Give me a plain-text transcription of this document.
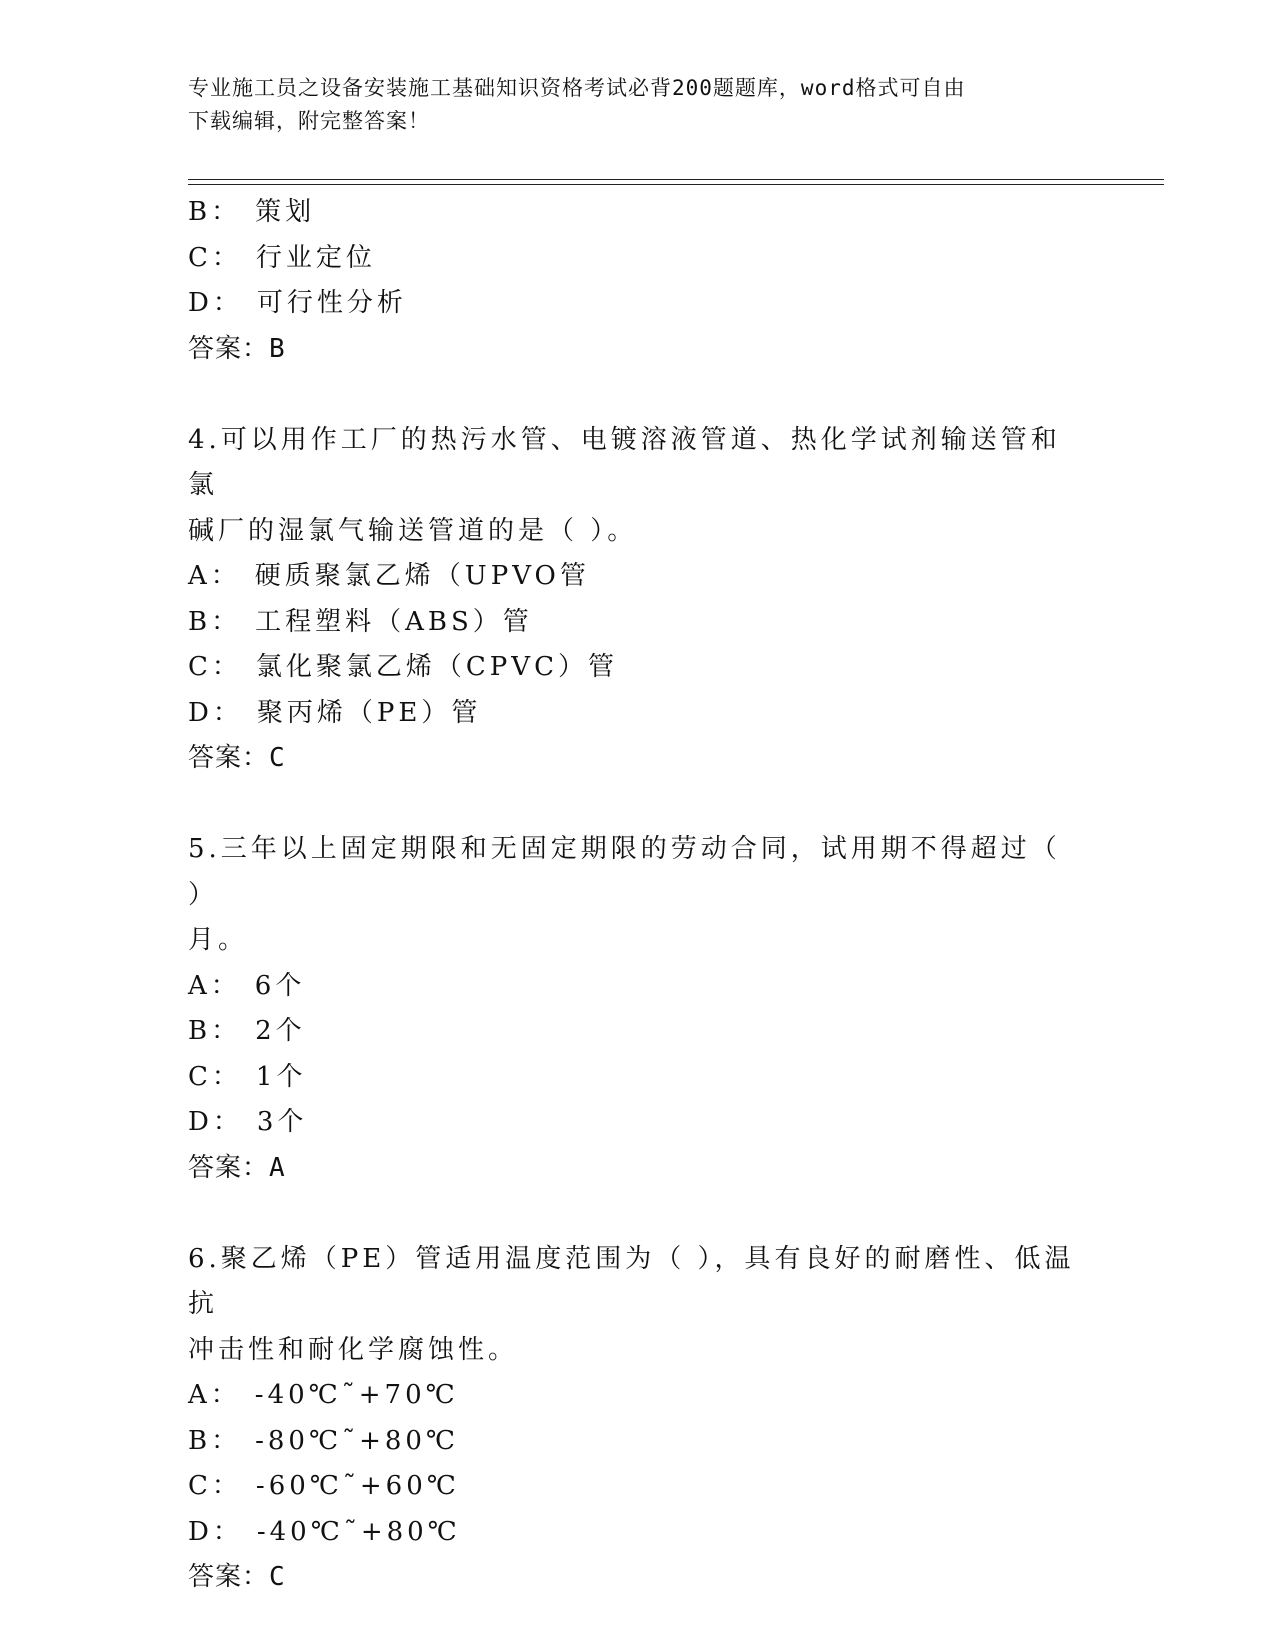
专业施工员之设备安装施工基础知识资格考试必背200题题库，word格式可自由
下载编辑，附完整答案！
B： 策划
C： 行业定位
D： 可行性分析
答案：B
4.可以用作工厂的热污水管、电镀溶液管道、热化学试剂输送管和氯
碱厂的湿氯气输送管道的是（ ）。
A： 硬质聚氯乙烯（UPVO管
B： 工程塑料（ABS）管
C： 氯化聚氯乙烯（CPVC）管
D： 聚丙烯（PE）管
答案：C
5.三年以上固定期限和无固定期限的劳动合同，试用期不得超过（ ）
月。
A： 6个
B： 2个
C： 1个
D： 3个
答案：A
6.聚乙烯（PE）管适用温度范围为（ ），具有良好的耐磨性、低温抗
冲击性和耐化学腐蚀性。
A： -40℃˜+70℃
B： -80℃˜+80℃
C： -60℃˜+60℃
D： -40℃˜+80℃
答案：C
